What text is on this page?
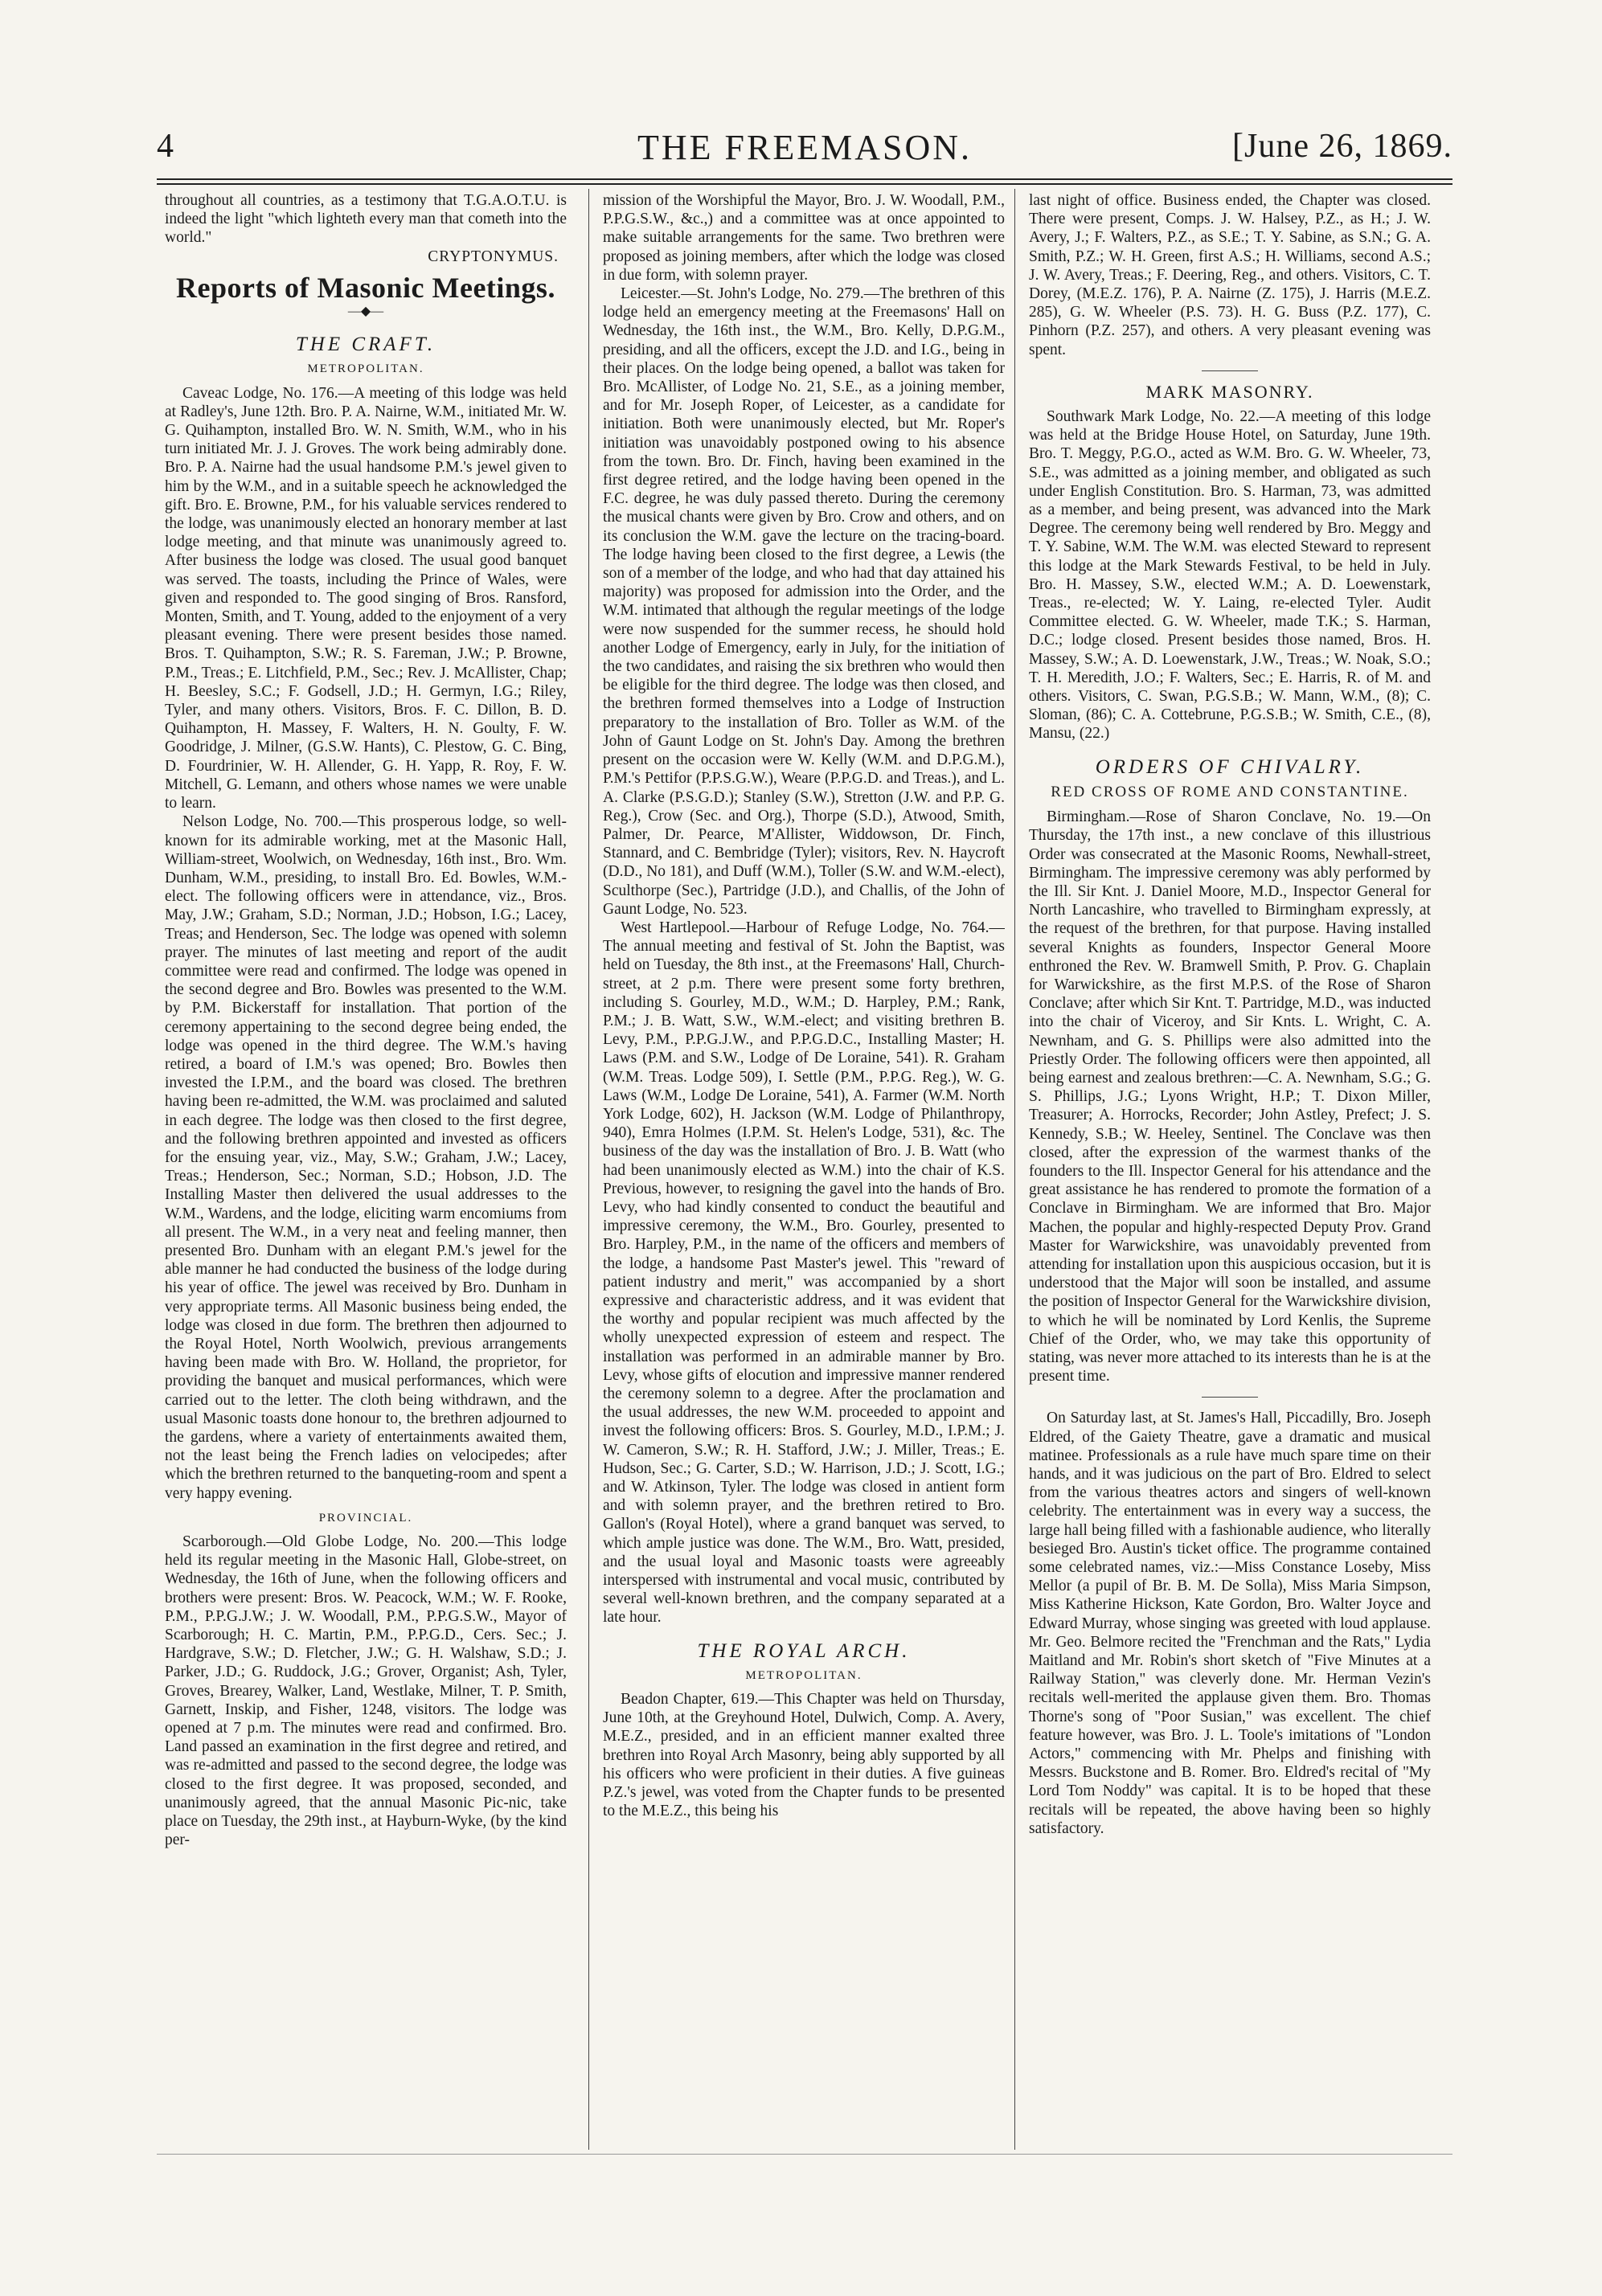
4	THE FREEMASON.	[June 26, 1869.

throughout all countries, as a testimony that T.G.A.O.T.U. is indeed the light "which lighteth every man that cometh into the world."

CRYPTONYMUS.
Reports of Masonic Meetings.
—◆—
THE CRAFT.
METROPOLITAN.

Caveac Lodge, No. 176.—A meeting of this lodge was held at Radley's, June 12th. Bro. P. A. Nairne, W.M., initiated Mr. W. G. Quihampton, installed Bro. W. N. Smith, W.M., who in his turn initiated Mr. J. J. Groves. The work being admirably done. Bro. P. A. Nairne had the usual handsome P.M.'s jewel given to him by the W.M., and in a suitable speech he acknowledged the gift. Bro. E. Browne, P.M., for his valuable services rendered to the lodge, was unanimously elected an honorary member at last lodge meeting, and that minute was unanimously agreed to. After business the lodge was closed. The usual good banquet was served. The toasts, including the Prince of Wales, were given and responded to. The good singing of Bros. Ransford, Monten, Smith, and T. Young, added to the enjoyment of a very pleasant evening. There were present besides those named. Bros. T. Quihampton, S.W.; R. S. Fareman, J.W.; P. Browne, P.M., Treas.; E. Litchfield, P.M., Sec.; Rev. J. McAllister, Chap; H. Beesley, S.C.; F. Godsell, J.D.; H. Germyn, I.G.; Riley, Tyler, and many others. Visitors, Bros. F. C. Dillon, B. D. Quihampton, H. Massey, F. Walters, H. N. Goulty, F. W. Goodridge, J. Milner, (G.S.W. Hants), C. Plestow, G. C. Bing, D. Fourdrinier, W. H. Allender, G. H. Yapp, R. Roy, F. W. Mitchell, G. Lemann, and others whose names we were unable to learn.

Nelson Lodge, No. 700.—This prosperous lodge, so well-known for its admirable working, met at the Masonic Hall, William-street, Woolwich, on Wednesday, 16th inst., Bro. Wm. Dunham, W.M., presiding, to install Bro. Ed. Bowles, W.M.-elect. The following officers were in attendance, viz., Bros. May, J.W.; Graham, S.D.; Norman, J.D.; Hobson, I.G.; Lacey, Treas; and Henderson, Sec. The lodge was opened with solemn prayer. The minutes of last meeting and report of the audit committee were read and confirmed. The lodge was opened in the second degree and Bro. Bowles was presented to the W.M. by P.M. Bickerstaff for installation. That portion of the ceremony appertaining to the second degree being ended, the lodge was opened in the third degree. The W.M.'s having retired, a board of I.M.'s was opened; Bro. Bowles then invested the I.P.M., and the board was closed. The brethren having been re-admitted, the W.M. was proclaimed and saluted in each degree. The lodge was then closed to the first degree, and the following brethren appointed and invested as officers for the ensuing year, viz., May, S.W.; Graham, J.W.; Lacey, Treas.; Henderson, Sec.; Norman, S.D.; Hobson, J.D. The Installing Master then delivered the usual addresses to the W.M., Wardens, and the lodge, eliciting warm encomiums from all present. The W.M., in a very neat and feeling manner, then presented Bro. Dunham with an elegant P.M.'s jewel for the able manner he had conducted the business of the lodge during his year of office. The jewel was received by Bro. Dunham in very appropriate terms. All Masonic business being ended, the lodge was closed in due form. The brethren then adjourned to the Royal Hotel, North Woolwich, previous arrangements having been made with Bro. W. Holland, the proprietor, for providing the banquet and musical performances, which were carried out to the letter. The cloth being withdrawn, and the usual Masonic toasts done honour to, the brethren adjourned to the gardens, where a variety of entertainments awaited them, not the least being the French ladies on velocipedes; after which the brethren returned to the banqueting-room and spent a very happy evening.

PROVINCIAL.

Scarborough.—Old Globe Lodge, No. 200.—This lodge held its regular meeting in the Masonic Hall, Globe-street, on Wednesday, the 16th of June, when the following officers and brothers were present: Bros. W. Peacock, W.M.; W. F. Rooke, P.M., P.P.G.J.W.; J. W. Woodall, P.M., P.P.G.S.W., Mayor of Scarborough; H. C. Martin, P.M., P.P.G.D., Cers. Sec.; J. Hardgrave, S.W.; D. Fletcher, J.W.; G. H. Walshaw, S.D.; J. Parker, J.D.; G. Ruddock, J.G.; Grover, Organist; Ash, Tyler, Groves, Brearey, Walker, Land, Westlake, Milner, T. P. Smith, Garnett, Inskip, and Fisher, 1248, visitors. The lodge was opened at 7 p.m. The minutes were read and confirmed. Bro. Land passed an examination in the first degree and retired, and was re-admitted and passed to the second degree, the lodge was closed to the first degree. It was proposed, seconded, and unanimously agreed, that the annual Masonic Pic-nic, take place on Tuesday, the 29th inst., at Hayburn-Wyke, (by the kind per-

mission of the Worshipful the Mayor, Bro. J. W. Woodall, P.M., P.P.G.S.W., &c.,) and a committee was at once appointed to make suitable arrangements for the same. Two brethren were proposed as joining members, after which the lodge was closed in due form, with solemn prayer.

Leicester.—St. John's Lodge, No. 279.—The brethren of this lodge held an emergency meeting at the Freemasons' Hall on Wednesday, the 16th inst., the W.M., Bro. Kelly, D.P.G.M., presiding, and all the officers, except the J.D. and I.G., being in their places. On the lodge being opened, a ballot was taken for Bro. McAllister, of Lodge No. 21, S.E., as a joining member, and for Mr. Joseph Roper, of Leicester, as a candidate for initiation. Both were unanimously elected, but Mr. Roper's initiation was unavoidably postponed owing to his absence from the town. Bro. Dr. Finch, having been examined in the first degree retired, and the lodge having been opened in the F.C. degree, he was duly passed thereto. During the ceremony the musical chants were given by Bro. Crow and others, and on its conclusion the W.M. gave the lecture on the tracing-board. The lodge having been closed to the first degree, a Lewis (the son of a member of the lodge, and who had that day attained his majority) was proposed for admission into the Order, and the W.M. intimated that although the regular meetings of the lodge were now suspended for the summer recess, he should hold another Lodge of Emergency, early in July, for the initiation of the two candidates, and raising the six brethren who would then be eligible for the third degree. The lodge was then closed, and the brethren formed themselves into a Lodge of Instruction preparatory to the installation of Bro. Toller as W.M. of the John of Gaunt Lodge on St. John's Day. Among the brethren present on the occasion were W. Kelly (W.M. and D.P.G.M.), P.M.'s Pettifor (P.P.S.G.W.), Weare (P.P.G.D. and Treas.), and L. A. Clarke (P.S.G.D.); Stanley (S.W.), Stretton (J.W. and P.P. G. Reg.), Crow (Sec. and Org.), Thorpe (S.D.), Atwood, Smith, Palmer, Dr. Pearce, M'Allister, Widdowson, Dr. Finch, Stannard, and C. Bembridge (Tyler); visitors, Rev. N. Haycroft (D.D., No 181), and Duff (W.M.), Toller (S.W. and W.M.-elect), Sculthorpe (Sec.), Partridge (J.D.), and Challis, of the John of Gaunt Lodge, No. 523.

West Hartlepool.—Harbour of Refuge Lodge, No. 764.—The annual meeting and festival of St. John the Baptist, was held on Tuesday, the 8th inst., at the Freemasons' Hall, Church-street, at 2 p.m. There were present some forty brethren, including S. Gourley, M.D., W.M.; D. Harpley, P.M.; Rank, P.M.; J. B. Watt, S.W., W.M.-elect; and visiting brethren B. Levy, P.M., P.P.G.J.W., and P.P.G.D.C., Installing Master; H. Laws (P.M. and S.W., Lodge of De Loraine, 541). R. Graham (W.M. Treas. Lodge 509), I. Settle (P.M., P.P.G. Reg.), W. G. Laws (W.M., Lodge De Loraine, 541), A. Farmer (W.M. North York Lodge, 602), H. Jackson (W.M. Lodge of Philanthropy, 940), Emra Holmes (I.P.M. St. Helen's Lodge, 531), &c. The business of the day was the installation of Bro. J. B. Watt (who had been unanimously elected as W.M.) into the chair of K.S. Previous, however, to resigning the gavel into the hands of Bro. Levy, who had kindly consented to conduct the beautiful and impressive ceremony, the W.M., Bro. Gourley, presented to Bro. Harpley, P.M., in the name of the officers and members of the lodge, a handsome Past Master's jewel. This "reward of patient industry and merit," was accompanied by a short expressive and characteristic address, and it was evident that the worthy and popular recipient was much affected by the wholly unexpected expression of esteem and respect. The installation was performed in an admirable manner by Bro. Levy, whose gifts of elocution and impressive manner rendered the ceremony solemn to a degree. After the proclamation and the usual addresses, the new W.M. proceeded to appoint and invest the following officers: Bros. S. Gourley, M.D., I.P.M.; J. W. Cameron, S.W.; R. H. Stafford, J.W.; J. Miller, Treas.; E. Hudson, Sec.; G. Carter, S.D.; W. Harrison, J.D.; J. Scott, I.G.; and W. Atkinson, Tyler. The lodge was closed in antient form and with solemn prayer, and the brethren retired to Bro. Gallon's (Royal Hotel), where a grand banquet was served, to which ample justice was done. The W.M., Bro. Watt, presided, and the usual loyal and Masonic toasts were agreeably interspersed with instrumental and vocal music, contributed by several well-known brethren, and the company separated at a late hour.

THE ROYAL ARCH.
METROPOLITAN.

Beadon Chapter, 619.—This Chapter was held on Thursday, June 10th, at the Greyhound Hotel, Dulwich, Comp. A. Avery, M.E.Z., presided, and in an efficient manner exalted three brethren into Royal Arch Masonry, being ably supported by all his officers who were proficient in their duties. A five guineas P.Z.'s jewel, was voted from the Chapter funds to be presented to the M.E.Z., this being his

last night of office. Business ended, the Chapter was closed. There were present, Comps. J. W. Halsey, P.Z., as H.; J. W. Avery, J.; F. Walters, P.Z., as S.E.; T. Y. Sabine, as S.N.; G. A. Smith, P.Z.; W. H. Green, first A.S.; H. Williams, second A.S.; J. W. Avery, Treas.; F. Deering, Reg., and others. Visitors, C. T. Dorey, (M.E.Z. 176), P. A. Nairne (Z. 175), J. Harris (M.E.Z. 285), G. W. Wheeler (P.S. 73). H. G. Buss (P.Z. 177), C. Pinhorn (P.Z. 257), and others. A very pleasant evening was spent.

MARK MASONRY.

Southwark Mark Lodge, No. 22.—A meeting of this lodge was held at the Bridge House Hotel, on Saturday, June 19th. Bro. T. Meggy, P.G.O., acted as W.M. Bro. G. W. Wheeler, 73, S.E., was admitted as a joining member, and obligated as such under English Constitution. Bro. S. Harman, 73, was admitted as a member, and being present, was advanced into the Mark Degree. The ceremony being well rendered by Bro. Meggy and T. Y. Sabine, W.M. The W.M. was elected Steward to represent this lodge at the Mark Stewards Festival, to be held in July. Bro. H. Massey, S.W., elected W.M.; A. D. Loewenstark, Treas., re-elected; W. Y. Laing, re-elected Tyler. Audit Committee elected. G. W. Wheeler, made T.K.; S. Harman, D.C.; lodge closed. Present besides those named, Bros. H. Massey, S.W.; A. D. Loewenstark, J.W., Treas.; W. Noak, S.O.; T. H. Meredith, J.O.; F. Walters, Sec.; E. Harris, R. of M. and others. Visitors, C. Swan, P.G.S.B.; W. Mann, W.M., (8); C. Sloman, (86); C. A. Cottebrune, P.G.S.B.; W. Smith, C.E., (8), Mansu, (22.)

ORDERS OF CHIVALRY.
RED CROSS OF ROME AND CONSTANTINE.

Birmingham.—Rose of Sharon Conclave, No. 19.—On Thursday, the 17th inst., a new conclave of this illustrious Order was consecrated at the Masonic Rooms, Newhall-street, Birmingham. The impressive ceremony was ably performed by the Ill. Sir Knt. J. Daniel Moore, M.D., Inspector General for North Lancashire, who travelled to Birmingham expressly, at the request of the brethren, for that purpose. Having installed several Knights as founders, Inspector General Moore enthroned the Rev. W. Bramwell Smith, P. Prov. G. Chaplain for Warwickshire, as the first M.P.S. of the Rose of Sharon Conclave; after which Sir Knt. T. Partridge, M.D., was inducted into the chair of Viceroy, and Sir Knts. L. Wright, C. A. Newnham, and G. S. Phillips were also admitted into the Priestly Order. The following officers were then appointed, all being earnest and zealous brethren:—C. A. Newnham, S.G.; G. S. Phillips, J.G.; Lyons Wright, H.P.; T. Dixon Miller, Treasurer; A. Horrocks, Recorder; John Astley, Prefect; J. S. Kennedy, S.B.; W. Heeley, Sentinel. The Conclave was then closed, after the expression of the warmest thanks of the founders to the Ill. Inspector General for his attendance and the great assistance he has rendered to promote the formation of a Conclave in Birmingham. We are informed that Bro. Major Machen, the popular and highly-respected Deputy Prov. Grand Master for Warwickshire, was unavoidably prevented from attending for installation upon this auspicious occasion, but it is understood that the Major will soon be installed, and assume the position of Inspector General for the Warwickshire division, to which he will be nominated by Lord Kenlis, the Supreme Chief of the Order, who, we may take this opportunity of stating, was never more attached to its interests than he is at the present time.

On Saturday last, at St. James's Hall, Piccadilly, Bro. Joseph Eldred, of the Gaiety Theatre, gave a dramatic and musical matinee. Professionals as a rule have much spare time on their hands, and it was judicious on the part of Bro. Eldred to select from the various theatres actors and singers of well-known celebrity. The entertainment was in every way a success, the large hall being filled with a fashionable audience, who literally besieged Bro. Austin's ticket office. The programme contained some celebrated names, viz.:—Miss Constance Loseby, Miss Mellor (a pupil of Br. B. M. De Solla), Miss Maria Simpson, Miss Katherine Hickson, Kate Gordon, Bro. Walter Joyce and Edward Murray, whose singing was greeted with loud applause. Mr. Geo. Belmore recited the "Frenchman and the Rats," Lydia Maitland and Mr. Robin's short sketch of "Five Minutes at a Railway Station," was cleverly done. Mr. Herman Vezin's recitals well-merited the applause given them. Bro. Thomas Thorne's song of "Poor Susian," was excellent. The chief feature however, was Bro. J. L. Toole's imitations of "London Actors," commencing with Mr. Phelps and finishing with Messrs. Buckstone and B. Romer. Bro. Eldred's recital of "My Lord Tom Noddy" was capital. It is to be hoped that these recitals will be repeated, the above having been so highly satisfactory.
